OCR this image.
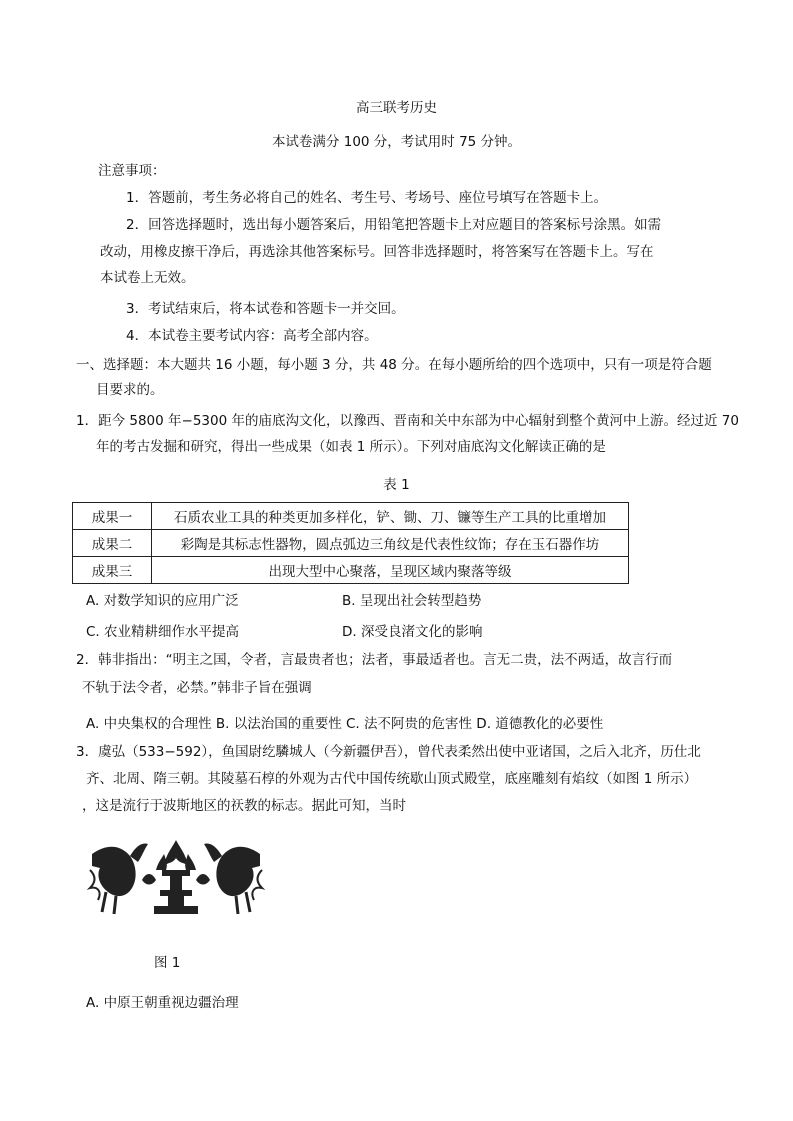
高三联考历史
本试卷满分 100 分，考试用时 75 分钟。
注意事项：
1．答题前，考生务必将自己的姓名、考生号、考场号、座位号填写在答题卡上。
2．回答选择题时，选出每小题答案后，用铅笔把答题卡上对应题目的答案标号涂黑。如需
改动，用橡皮擦干净后，再选涂其他答案标号。回答非选择题时，将答案写在答题卡上。写在
本试卷上无效。
3．考试结束后，将本试卷和答题卡一并交回。
4．本试卷主要考试内容：高考全部内容。
一、选择题：本大题共 16 小题，每小题 3 分，共 48 分。在每小题所给的四个选项中，只有一项是符合题
目要求的。
1．距今 5800 年−5300 年的庙底沟文化，以豫西、晋南和关中东部为中心辐射到整个黄河中上游。经过近 70
年的考古发掘和研究，得出一些成果（如表 1 所示）。下列对庙底沟文化解读正确的是
表 1
成果一	石质农业工具的种类更加多样化，铲、锄、刀、镰等生产工具的比重增加
成果二	彩陶是其标志性器物，圆点弧边三角纹是代表性纹饰；存在玉石器作坊
成果三	出现大型中心聚落，呈现区域内聚落等级
A. 对数学知识的应用广泛	B. 呈现出社会转型趋势
C. 农业精耕细作水平提高	D. 深受良渚文化的影响
2．韩非指出：“明主之国，令者，言最贵者也；法者，事最适者也。言无二贵，法不两适，故言行而
不轨于法令者，必禁。”韩非子旨在强调
A. 中央集权的合理性 B. 以法治国的重要性 C. 法不阿贵的危害性 D. 道德教化的必要性
3．虞弘（533−592），鱼国尉纥驎城人（今新疆伊吾），曾代表柔然出使中亚诸国，之后入北齐，历仕北
齐、北周、隋三朝。其陵墓石椁的外观为古代中国传统歇山顶式殿堂，底座雕刻有焰纹（如图 1 所示）
，这是流行于波斯地区的祆教的标志。据此可知，当时
图 1
A. 中原王朝重视边疆治理
